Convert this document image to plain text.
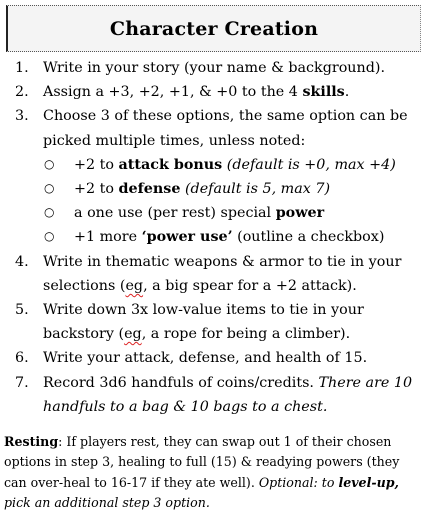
Character Creation
1. Write in your story (your name & background).
2. Assign a +3, +2, +1, & +0 to the 4 skills.
3. Choose 3 of these options, the same option can be picked multiple times, unless noted:
○ +2 to attack bonus (default is +0, max +4)
○ +2 to defense (default is 5, max 7)
○ a one use (per rest) special power
○ +1 more ‘power use’ (outline a checkbox)
4. Write in thematic weapons & armor to tie in your selections (eg, a big spear for a +2 attack).
5. Write down 3x low-value items to tie in your backstory (eg, a rope for being a climber).
6. Write your attack, defense, and health of 15.
7. Record 3d6 handfuls of coins/credits. There are 10 handfuls to a bag & 10 bags to a chest.

Resting: If players rest, they can swap out 1 of their chosen options in step 3, healing to full (15) & readying powers (they can over-heal to 16-17 if they ate well). Optional: to level-up, pick an additional step 3 option.
